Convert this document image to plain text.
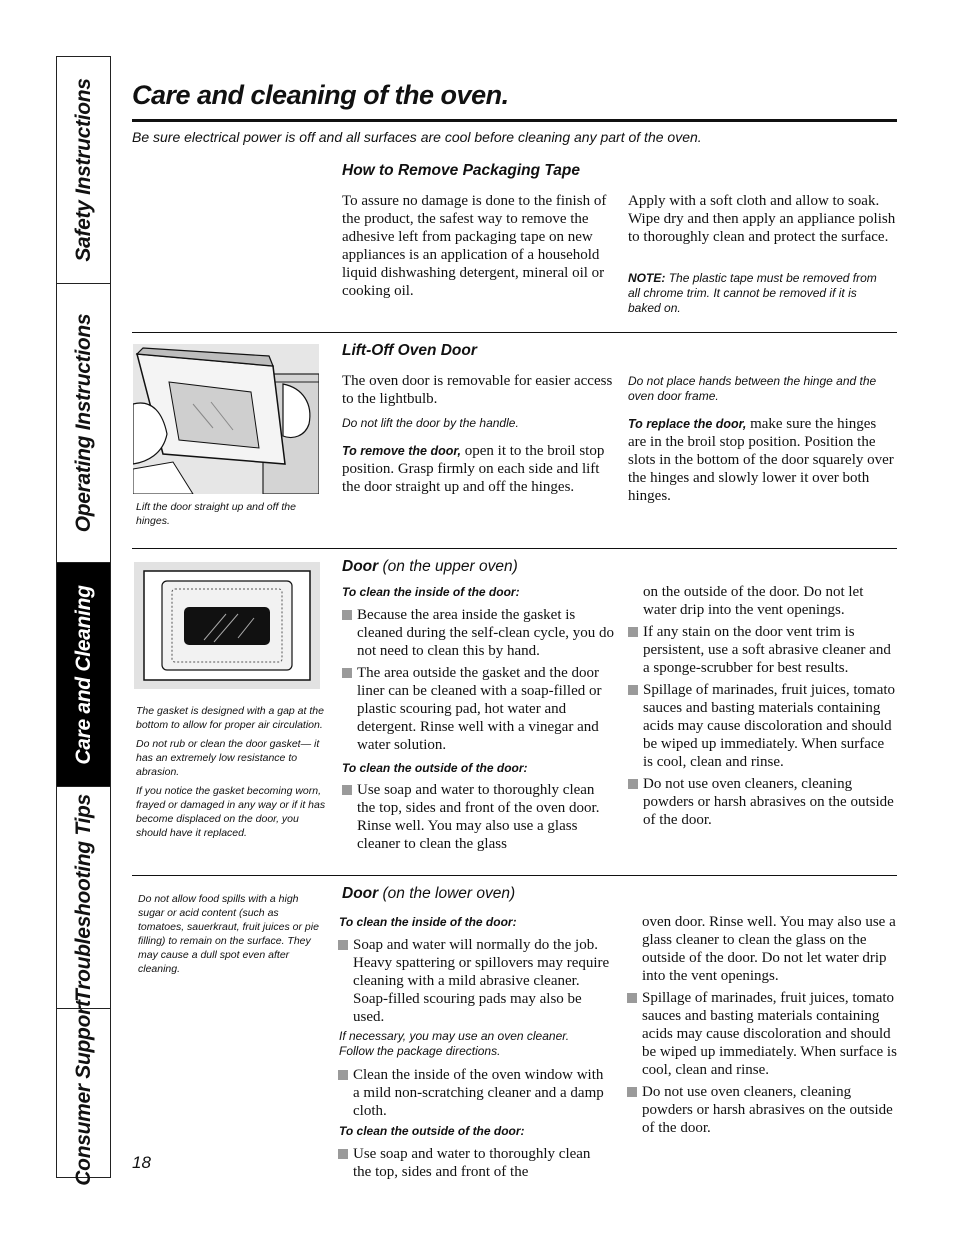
Safety Instructions
Operating Instructions
Care and Cleaning
Troubleshooting Tips
Consumer Support
Care and cleaning of the oven.
Be sure electrical power is off and all surfaces are cool before cleaning any part of the oven.
How to Remove Packaging Tape
To assure no damage is done to the finish of the product, the safest way to remove the adhesive left from packaging tape on new appliances is an application of a household liquid dishwashing detergent, mineral oil or cooking oil.
Apply with a soft cloth and allow to soak. Wipe dry and then apply an appliance polish to thoroughly clean and protect the surface.
NOTE: The plastic tape must be removed from all chrome trim. It cannot be removed if it is baked on.
Lift the door straight up and off the hinges.
Lift-Off Oven Door
The oven door is removable for easier access to the lightbulb.
Do not lift the door by the handle.
To remove the door, open it to the broil stop position. Grasp firmly on each side and lift the door straight up and off the hinges.
Do not place hands between the hinge and the oven door frame.
To replace the door, make sure the hinges are in the broil stop position. Position the slots in the bottom of the door squarely over the hinges and slowly lower it over both hinges.
The gasket is designed with a gap at the bottom to allow for proper air circulation.
Do not rub or clean the door gasket— it has an extremely low resistance to abrasion.
If you notice the gasket becoming worn, frayed or damaged in any way or if it has become displaced on the door, you should have it replaced.
Door (on the upper oven)
To clean the inside of the door:
Because the area inside the gasket is cleaned during the self-clean cycle, you do not need to clean this by hand.
The area outside the gasket and the door liner can be cleaned with a soap-filled or plastic scouring pad, hot water and detergent. Rinse well with a vinegar and water solution.
To clean the outside of the door:
Use soap and water to thoroughly clean the top, sides and front of the oven door. Rinse well. You may also use a glass cleaner to clean the glass
on the outside of the door. Do not let water drip into the vent openings.
If any stain on the door vent trim is persistent, use a soft abrasive cleaner and a sponge-scrubber for best results.
Spillage of marinades, fruit juices, tomato sauces and basting materials containing acids may cause discoloration and should be wiped up immediately. When surface is cool, clean and rinse.
Do not use oven cleaners, cleaning powders or harsh abrasives on the outside of the door.
Do not allow food spills with a high sugar or acid content (such as tomatoes, sauerkraut, fruit juices or pie filling) to remain on the surface. They may cause a dull spot even after cleaning.
Door (on the lower oven)
To clean the inside of the door:
Soap and water will normally do the job. Heavy spattering or spillovers may require cleaning with a mild abrasive cleaner. Soap-filled scouring pads may also be used.
If necessary, you may use an oven cleaner. Follow the package directions.
Clean the inside of the oven window with a mild non-scratching cleaner and a damp cloth.
To clean the outside of the door:
Use soap and water to thoroughly clean the top, sides and front of the
oven door. Rinse well. You may also use a glass cleaner to clean the glass on the outside of the door. Do not let water drip into the vent openings.
Spillage of marinades, fruit juices, tomato sauces and basting materials containing acids may cause discoloration and should be wiped up immediately. When surface is cool, clean and rinse.
Do not use oven cleaners, cleaning powders or harsh abrasives on the outside of the door.
18
